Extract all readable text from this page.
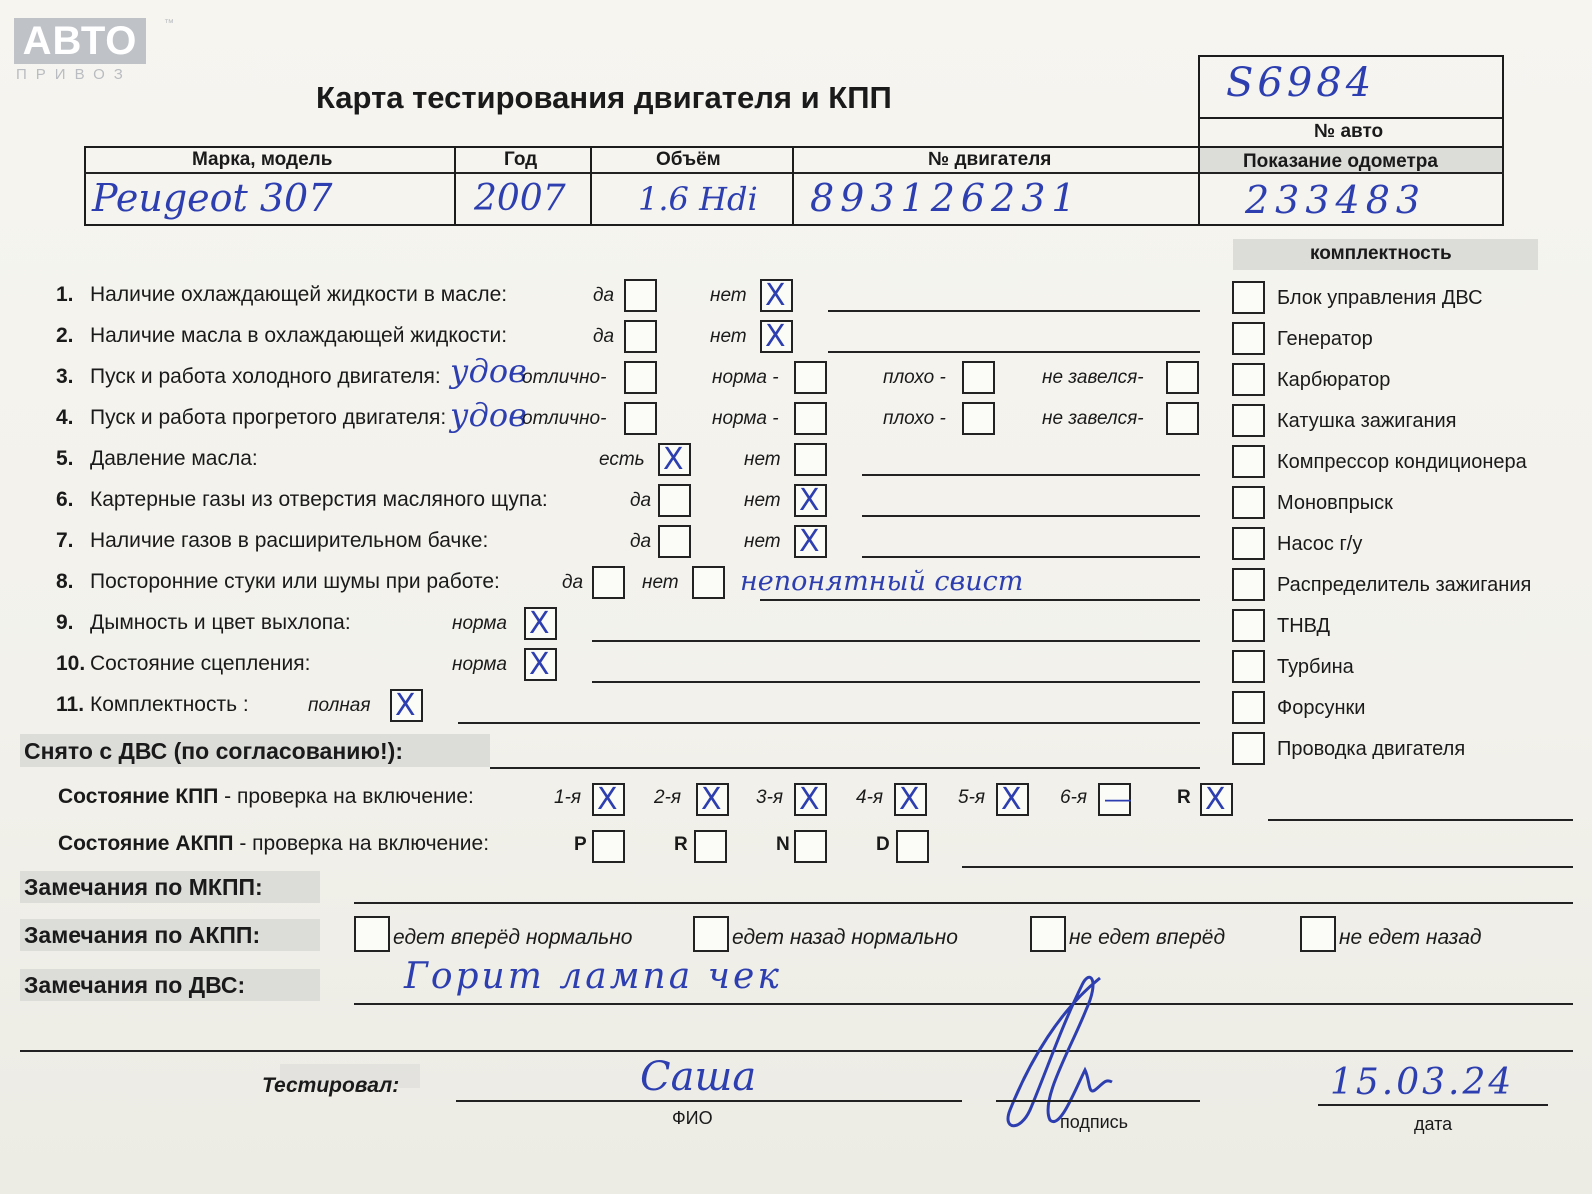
АВТО
ПРИВОЗ
™
Карта тестирования двигателя и КПП	S6984
№ авто
Марка, модель	Год	Объём	№ двигателя	Показание одометра
Peugeot 307	2007 1.6 Hdi 893126231	233483
комплектность
1. Наличие охлаждающей жидкости в масле:	да	нет X
2. Наличие масла в охлаждающей жидкости:	да	нет X
3. Пуск и работа холодного двигателя: удов
отлично-	норма -	плохо -	не завелся-
4. Пуск и работа прогретого двигателя: удов
отлично-	норма -	плохо -	не завелся-
5. Давление масла:	есть X	нет
6. Картерные газы из отверстия масляного щупа:	да	нет X
7. Наличие газов в расширительном бачке:	да	нет X
8. Посторонние стуки или шумы при работе:	да	нет непонятный свист
9. Дымность и цвет выхлопа:	норма X
10. Состояние сцепления:	норма X
11. Комплектность :	полная X
Снято с ДВС (по согласованию!):
Блок управления ДВС
Генератор
Карбюратор
Катушка зажигания
Компрессор кондиционера
Моновпрыск
Насос г/у
Распределитель зажигания
ТНВД
Турбина
Форсунки
Проводка двигателя
Состояние КПП - проверка на включение:	1-я X 2-я X 3-я X 4-я X 5-я X 6-я — R X
Состояние АКПП - проверка на включение:	P	R	N	D
Замечания по МКПП:
Замечания по АКПП:	едет вперёд нормально	едет назад нормально	не едет вперёд	не едет назад
Замечания по ДВС:	Горит лампа чек
Тестировал:	Саша
ФИО	подпись
15.03.24
дата
